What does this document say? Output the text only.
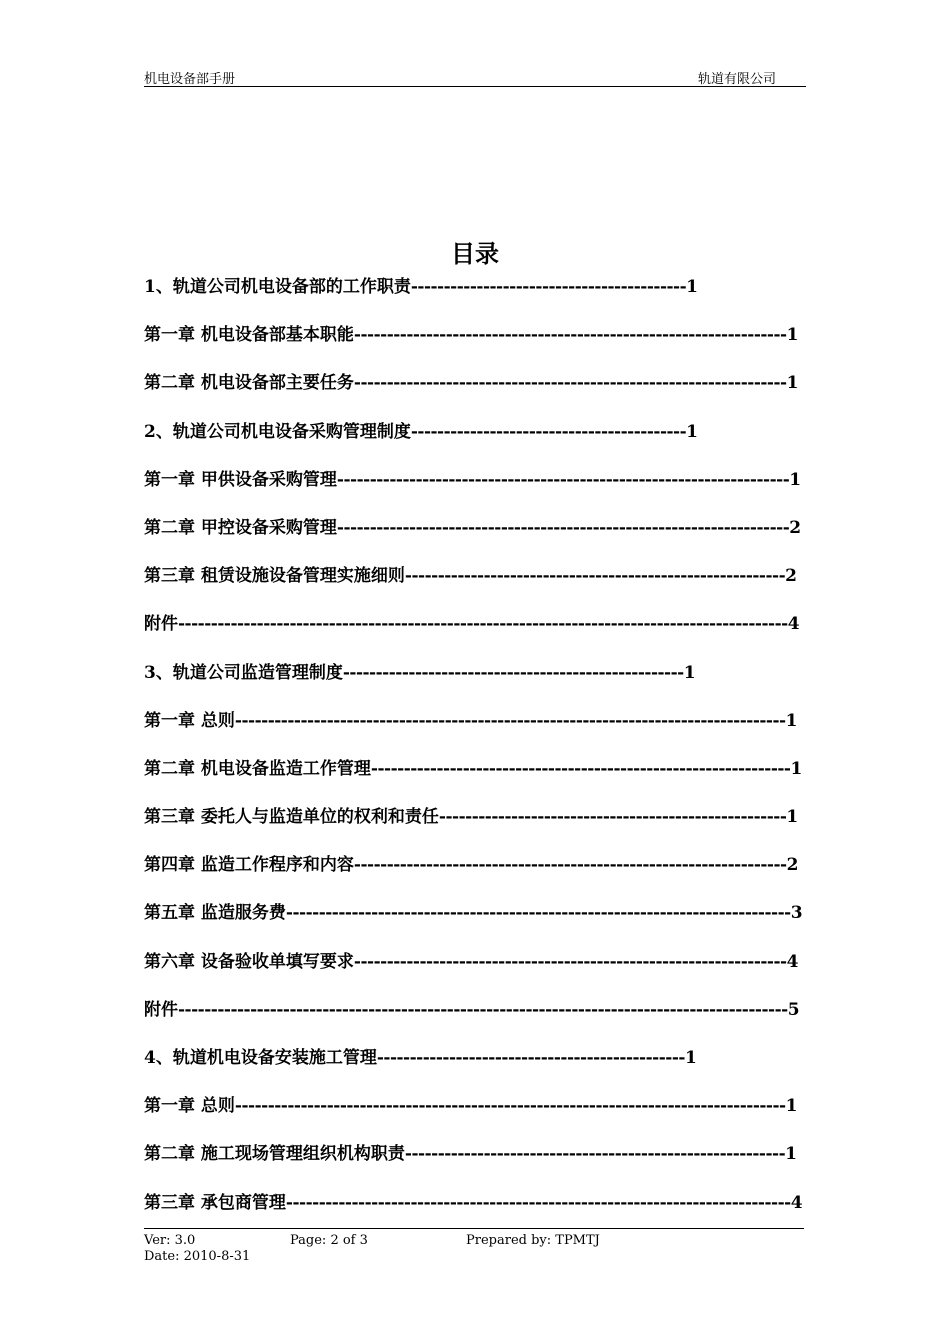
机电设备部手册	轨道有限公司
目录
1、轨道公司机电设备部的工作职责------------------------------------------1
第一章 机电设备部基本职能------------------------------------------------------------------1
第二章 机电设备部主要任务------------------------------------------------------------------1
2、轨道公司机电设备采购管理制度------------------------------------------1
第一章 甲供设备采购管理---------------------------------------------------------------------1
第二章 甲控设备采购管理---------------------------------------------------------------------2
第三章 租赁设施设备管理实施细则----------------------------------------------------------2
附件---------------------------------------------------------------------------------------------4
3、轨道公司监造管理制度----------------------------------------------------1
第一章 总则------------------------------------------------------------------------------------1
第二章 机电设备监造工作管理----------------------------------------------------------------1
第三章 委托人与监造单位的权利和责任-----------------------------------------------------1
第四章 监造工作程序和内容------------------------------------------------------------------2
第五章 监造服务费-----------------------------------------------------------------------------3
第六章 设备验收单填写要求------------------------------------------------------------------4
附件---------------------------------------------------------------------------------------------5
4、轨道机电设备安装施工管理-----------------------------------------------1
第一章 总则------------------------------------------------------------------------------------1
第二章 施工现场管理组织机构职责----------------------------------------------------------1
第三章 承包商管理-----------------------------------------------------------------------------4
Ver: 3.0	Page: 2 of 3	Prepared by: TPMTJ
Date: 2010-8-31
